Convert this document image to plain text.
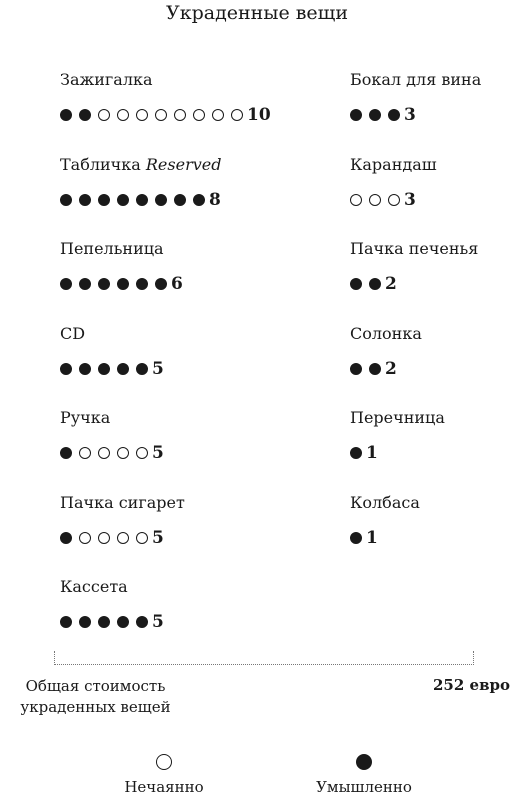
Украденные вещи
Зажигалка
10
Табличка Reserved
8
Пепельница
6
CD
5
Ручка
5
Пачка сигарет
5
Кассета
5
Бокал для вина
3
Карандаш
3
Пачка печенья
2
Солонка
2
Перечница
1
Колбаса
1
Общая стоимость украденных вещей
252 евро
Нечаянно	Умышленно
